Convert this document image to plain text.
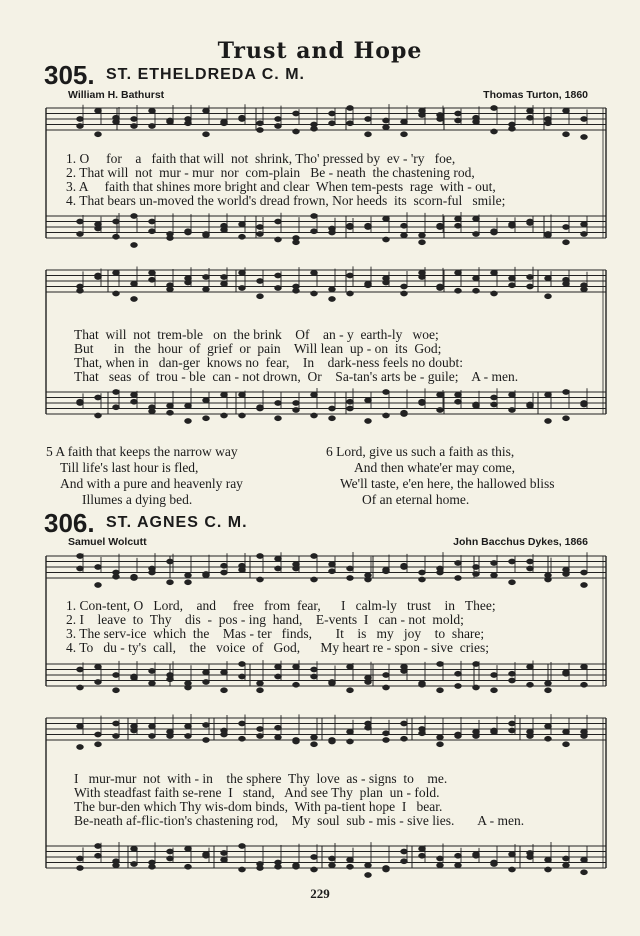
Trust and Hope
305. ST. ETHELDREDA C. M.
William H. Bathurst	Thomas Turton, 1860
1. O     for    a   faith that will  not  shrink, Tho' pressed by  ev - 'ry   foe,
2. That will  not  mur - mur  nor  com-plain   Be - neath  the chastening rod,
3. A     faith that shines more bright and clear  When tem-pests  rage  with - out,
4. That bears un-moved the world's dread frown, Nor heeds  its  scorn-ful   smile;
That  will  not  trem-ble   on  the brink    Of    an - y  earth-ly   woe;
But      in   the  hour  of  grief  or  pain    Will lean  up - on  its  God;
That, when in   dan-ger  knows no  fear,    In    dark-ness feels no doubt:
That   seas  of  trou - ble  can - not drown,  Or    Sa-tan's arts be - guile;    A - men.
5 A faith that keeps the narrow way
Till life's last hour is fled,
And with a pure and heavenly ray
Illumes a dying bed.
6 Lord, give us such a faith as this,
And then whate'er may come,
We'll taste, e'en here, the hallowed bliss
Of an eternal home.
306. ST. AGNES C. M.
Samuel Wolcutt	John Bacchus Dykes, 1866
1. Con-tent, O   Lord,    and     free   from  fear,      I   calm-ly   trust    in   Thee;
2. I    leave  to  Thy    dis  -  pos - ing  hand,    E-vents  I   can - not  mold;
3. The serv-ice  which  the    Mas - ter   finds,       It    is   my   joy    to  share;
4. To   du - ty's  call,    the   voice  of   God,      My heart re - spon - sive  cries;
I   mur-mur  not  with - in    the sphere  Thy  love  as - signs  to    me.
With steadfast faith se-rene  I   stand,   And see Thy  plan  un - fold.
The bur-den which Thy wis-dom binds,  With pa-tient hope  I   bear.
Be-neath af-flic-tion's chastening rod,    My  soul  sub - mis - sive lies.       A - men.
229
